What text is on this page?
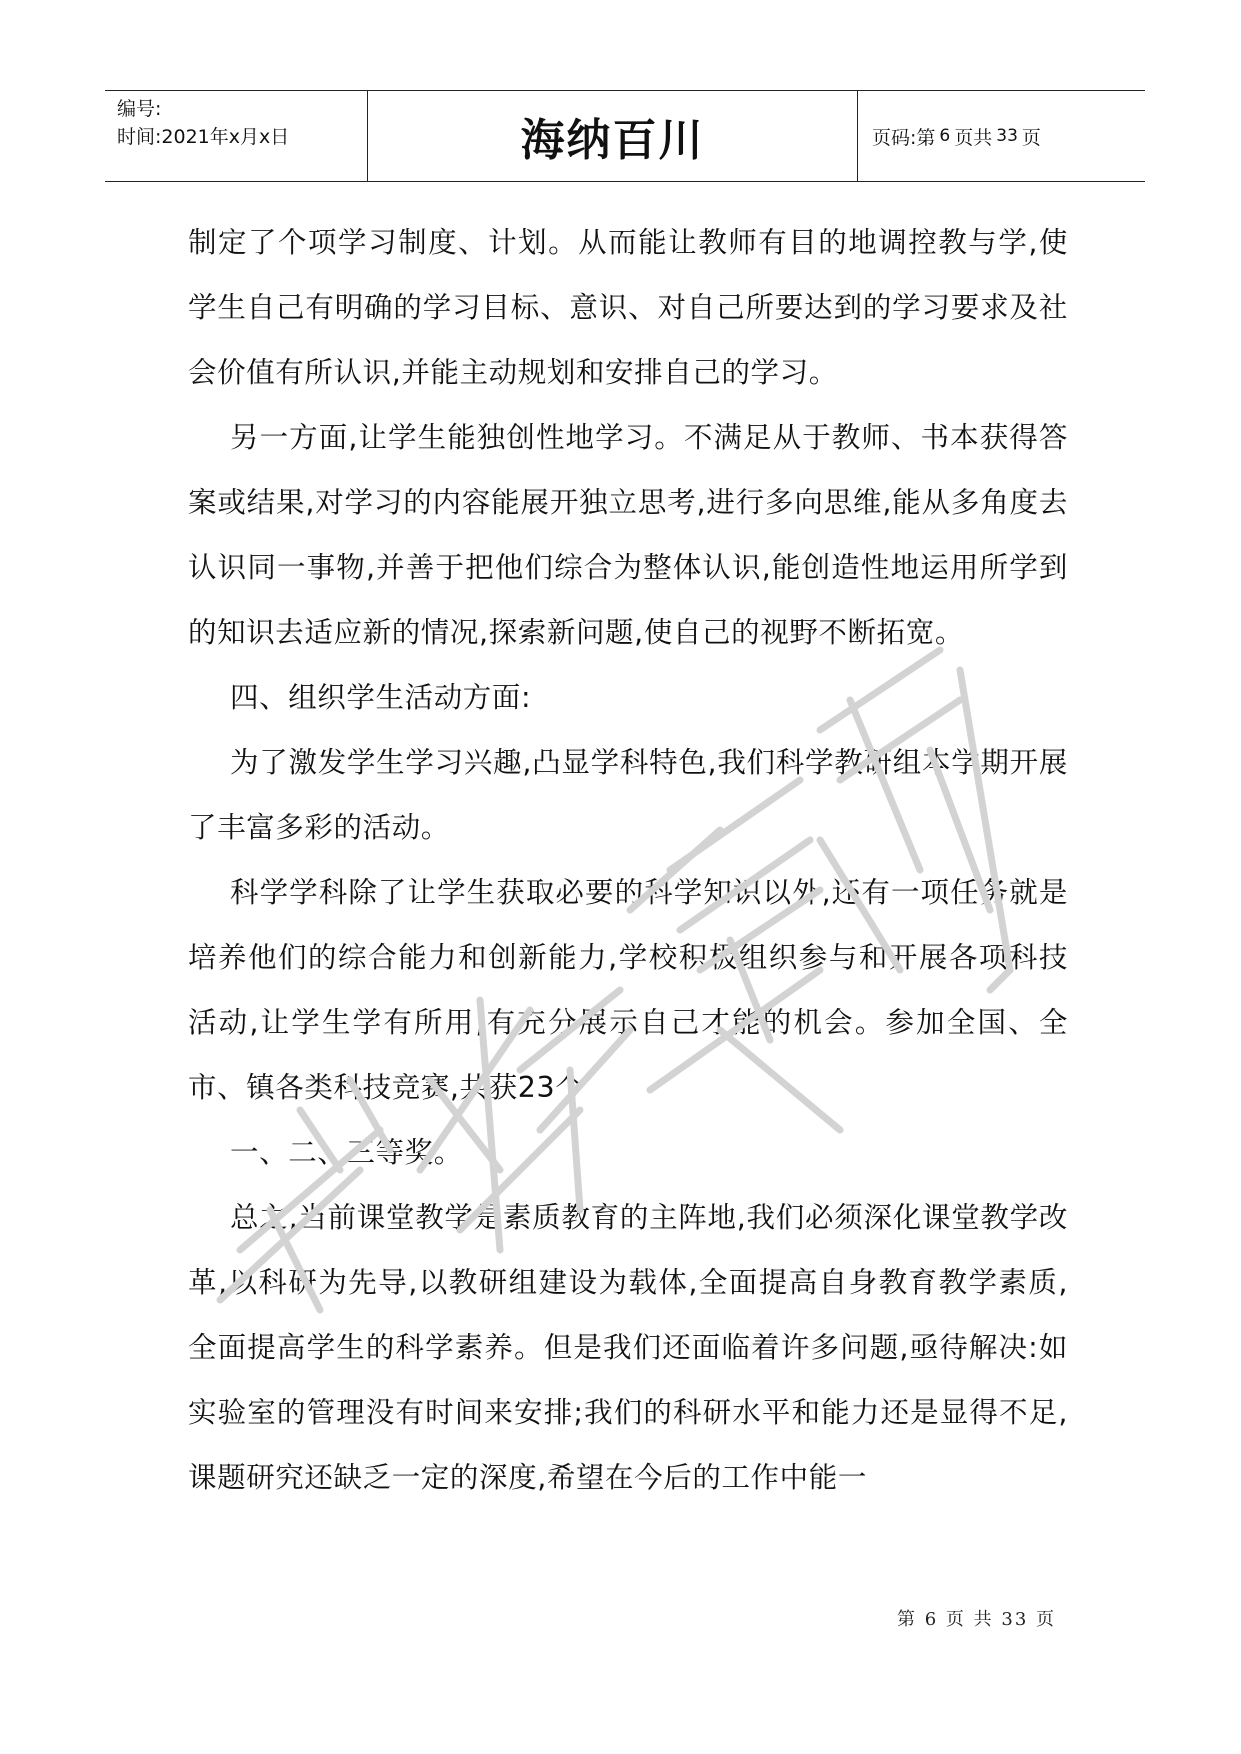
编号:
时间:2021年x月x日	海纳百川	页码:第 6 页共 33 页

制定了个项学习制度、计划。从而能让教师有目的地调控教与学,使学生自己有明确的学习目标、意识、对自己所要达到的学习要求及社会价值有所认识,并能主动规划和安排自己的学习。

另一方面,让学生能独创性地学习。不满足从于教师、书本获得答案或结果,对学习的内容能展开独立思考,进行多向思维,能从多角度去认识同一事物,并善于把他们综合为整体认识,能创造性地运用所学到的知识去适应新的情况,探索新问题,使自己的视野不断拓宽。

四、组织学生活动方面:

为了激发学生学习兴趣,凸显学科特色,我们科学教研组本学期开展了丰富多彩的活动。

科学学科除了让学生获取必要的科学知识以外,还有一项任务就是培养他们的综合能力和创新能力,学校积极组织参与和开展各项科技活动,让学生学有所用,有充分展示自己才能的机会。参加全国、全市、镇各类科技竞赛,共获23个

一、二、三等奖。

总之,当前课堂教学是素质教育的主阵地,我们必须深化课堂教学改革,以科研为先导,以教研组建设为载体,全面提高自身教育教学素质,全面提高学生的科学素养。但是我们还面临着许多问题,亟待解决:如实验室的管理没有时间来安排;我们的科研水平和能力还是显得不足,课题研究还缺乏一定的深度,希望在今后的工作中能一

第 6 页 共 33 页
